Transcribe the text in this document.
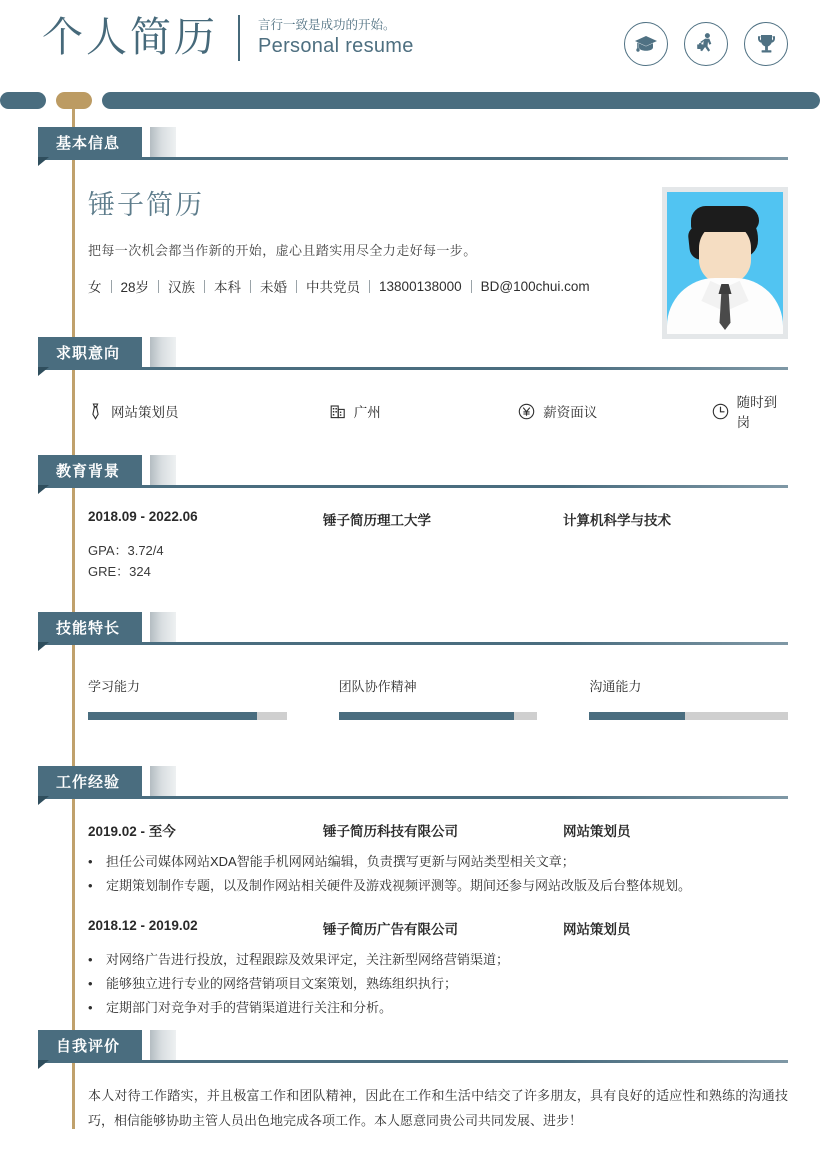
个人简历	言行一致是成功的开始。
Personal resume
基本信息
锤子简历
把每一次机会都当作新的开始，虚心且踏实用尽全力走好每一步。
女 28岁 汉族 本科 未婚 中共党员 13800138000 BD@100chui.com
求职意向
网站策划员	广州	薪资面议
随时到岗
教育背景
2018.09 - 2022.06	锤子简历理工大学	计算机科学与技术
GPA：3.72/4
GRE：324
技能特长
学习能力	团队协作精神	沟通能力
工作经验
2019.02 - 至今	锤子简历科技有限公司	网站策划员
•	担任公司媒体网站XDA智能手机网网站编辑，负责撰写更新与网站类型相关文章；
•	定期策划制作专题，以及制作网站相关硬件及游戏视频评测等。期间还参与网站改版及后台整体规划。
2018.12 - 2019.02	锤子简历广告有限公司	网站策划员
•	对网络广告进行投放，过程跟踪及效果评定，关注新型网络营销渠道；
•	能够独立进行专业的网络营销项目文案策划，熟练组织执行；
•	定期部门对竞争对手的营销渠道进行关注和分析。
自我评价
本人对待工作踏实，并且极富工作和团队精神，因此在工作和生活中结交了许多朋友，具有良好的适应性和熟练的沟通技巧，相信能够协助主管人员出色地完成各项工作。本人愿意同贵公司共同发展、进步！
